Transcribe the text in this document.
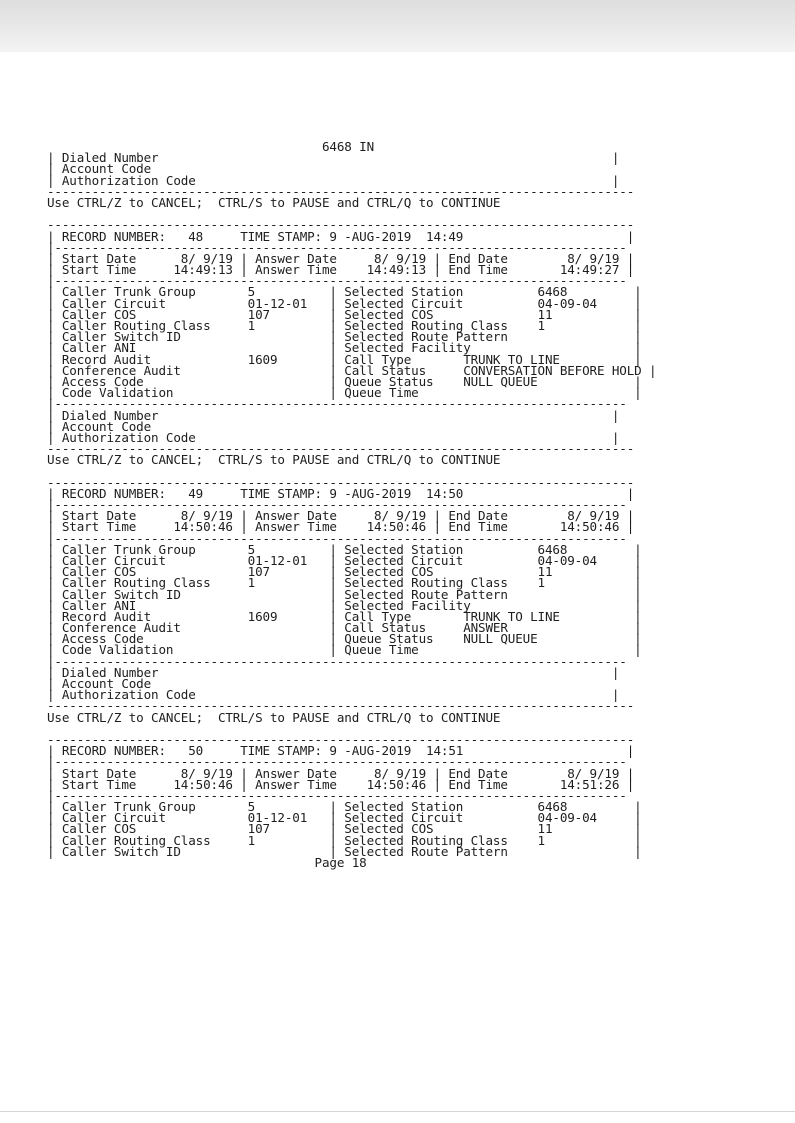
6468 IN
| Dialed Number                                                             |
| Account Code
| Authorization Code                                                        |
-------------------------------------------------------------------------------
Use CTRL/Z to CANCEL;  CTRL/S to PAUSE and CTRL/Q to CONTINUE
-------------------------------------------------------------------------------
| RECORD NUMBER:   48     TIME STAMP: 9 -AUG-2019  14:49                      |
|-----------------------------------------------------------------------------
| Start Date      8/ 9/19 | Answer Date     8/ 9/19 | End Date        8/ 9/19 |
| Start Time     14:49:13 | Answer Time    14:49:13 | End Time       14:49:27 |
|-----------------------------------------------------------------------------
| Caller Trunk Group       5          | Selected Station          6468         |
| Caller Circuit           01-12-01   | Selected Circuit          04-09-04     |
| Caller COS               107        | Selected COS              11           |
| Caller Routing Class     1          | Selected Routing Class    1            |
| Caller Switch ID                    | Selected Route Pattern                 |
| Caller ANI                          | Selected Facility                      |
| Record Audit             1609       | Call Type       TRUNK TO LINE          |
| Conference Audit                    | Call Status     CONVERSATION BEFORE HOLD |
| Access Code                         | Queue Status    NULL QUEUE             |
| Code Validation                     | Queue Time                             |
|-----------------------------------------------------------------------------
| Dialed Number                                                             |
| Account Code
| Authorization Code                                                        |
-------------------------------------------------------------------------------
Use CTRL/Z to CANCEL;  CTRL/S to PAUSE and CTRL/Q to CONTINUE
-------------------------------------------------------------------------------
| RECORD NUMBER:   49     TIME STAMP: 9 -AUG-2019  14:50                      |
|-----------------------------------------------------------------------------
| Start Date      8/ 9/19 | Answer Date     8/ 9/19 | End Date        8/ 9/19 |
| Start Time     14:50:46 | Answer Time    14:50:46 | End Time       14:50:46 |
|-----------------------------------------------------------------------------
| Caller Trunk Group       5          | Selected Station          6468         |
| Caller Circuit           01-12-01   | Selected Circuit          04-09-04     |
| Caller COS               107        | Selected COS              11           |
| Caller Routing Class     1          | Selected Routing Class    1            |
| Caller Switch ID                    | Selected Route Pattern                 |
| Caller ANI                          | Selected Facility                      |
| Record Audit             1609       | Call Type       TRUNK TO LINE          |
| Conference Audit                    | Call Status     ANSWER                 |
| Access Code                         | Queue Status    NULL QUEUE             |
| Code Validation                     | Queue Time                             |
|-----------------------------------------------------------------------------
| Dialed Number                                                             |
| Account Code
| Authorization Code                                                        |
-------------------------------------------------------------------------------
Use CTRL/Z to CANCEL;  CTRL/S to PAUSE and CTRL/Q to CONTINUE
-------------------------------------------------------------------------------
| RECORD NUMBER:   50     TIME STAMP: 9 -AUG-2019  14:51                      |
|-----------------------------------------------------------------------------
| Start Date      8/ 9/19 | Answer Date     8/ 9/19 | End Date        8/ 9/19 |
| Start Time     14:50:46 | Answer Time    14:50:46 | End Time       14:51:26 |
|-----------------------------------------------------------------------------
| Caller Trunk Group       5          | Selected Station          6468         |
| Caller Circuit           01-12-01   | Selected Circuit          04-09-04     |
| Caller COS               107        | Selected COS              11           |
| Caller Routing Class     1          | Selected Routing Class    1            |
| Caller Switch ID                    | Selected Route Pattern                 |
Page 18
